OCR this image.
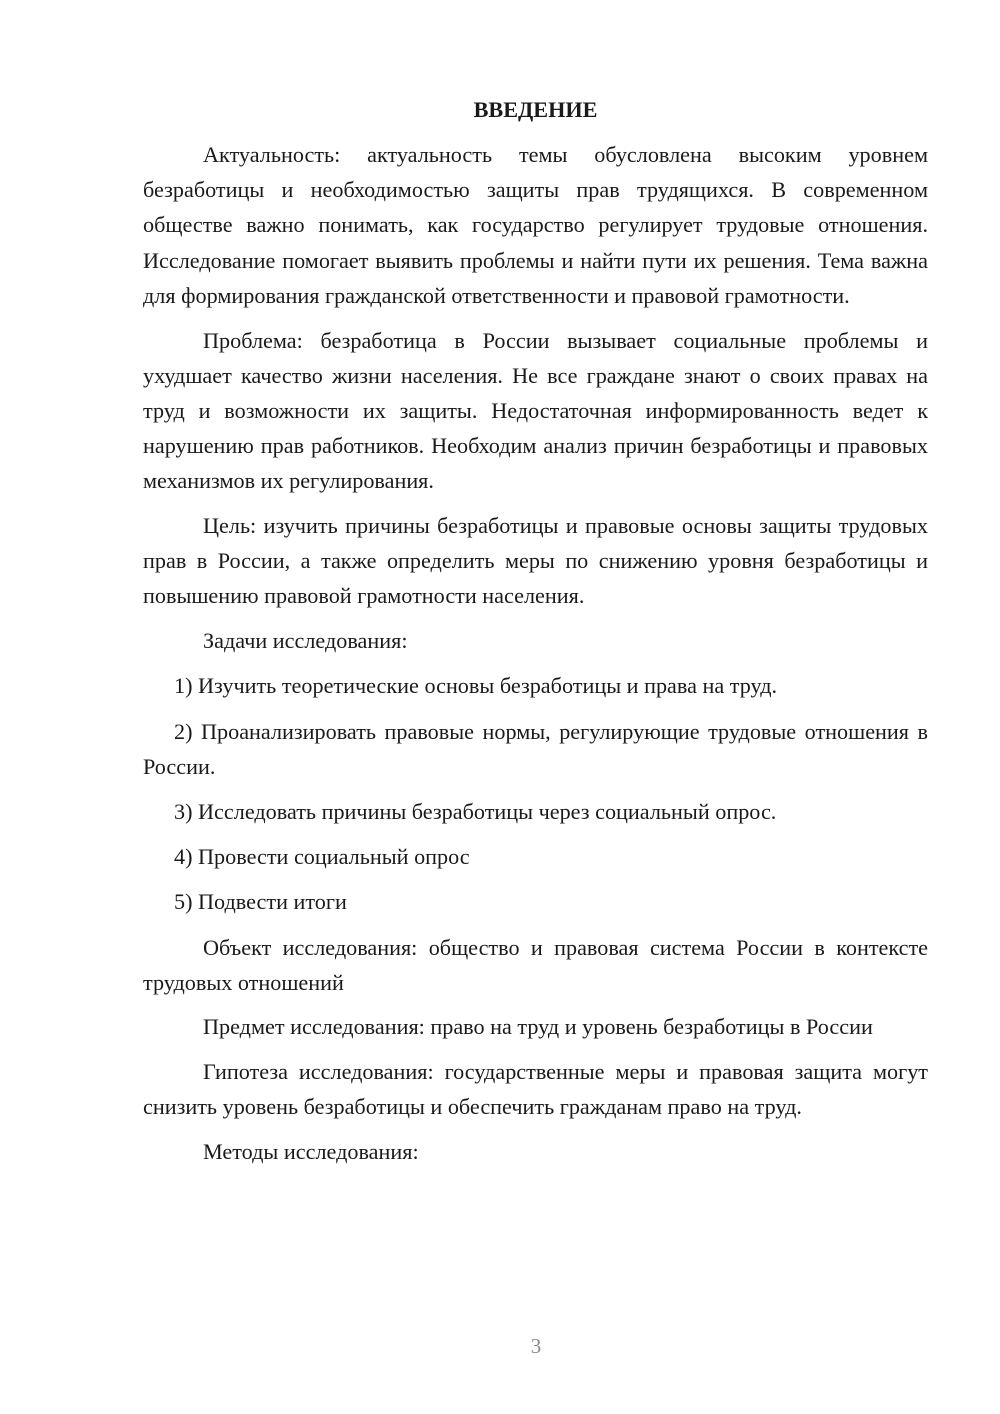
ВВЕДЕНИЕ

Актуальность: актуальность темы обусловлена высоким уровнем безработицы и необходимостью защиты прав трудящихся. В современном обществе важно понимать, как государство регулирует трудовые отношения. Исследование помогает выявить проблемы и найти пути их решения. Тема важна для формирования гражданской ответственности и правовой грамотности.

Проблема: безработица в России вызывает социальные проблемы и ухудшает качество жизни населения. Не все граждане знают о своих правах на труд и возможности их защиты. Недостаточная информированность ведет к нарушению прав работников. Необходим анализ причин безработицы и правовых механизмов их регулирования.

Цель: изучить причины безработицы и правовые основы защиты трудовых прав в России, а также определить меры по снижению уровня безработицы и повышению правовой грамотности населения.

Задачи исследования:

1) Изучить теоретические основы безработицы и права на труд.

2) Проанализировать правовые нормы, регулирующие трудовые отношения в России.

3) Исследовать причины безработицы через социальный опрос.

4) Провести социальный опрос

5) Подвести итоги

Объект исследования: общество и правовая система России в контексте трудовых отношений

Предмет исследования: право на труд и уровень безработицы в России

Гипотеза исследования: государственные меры и правовая защита могут снизить уровень безработицы и обеспечить гражданам право на труд.

Методы исследования:

3
